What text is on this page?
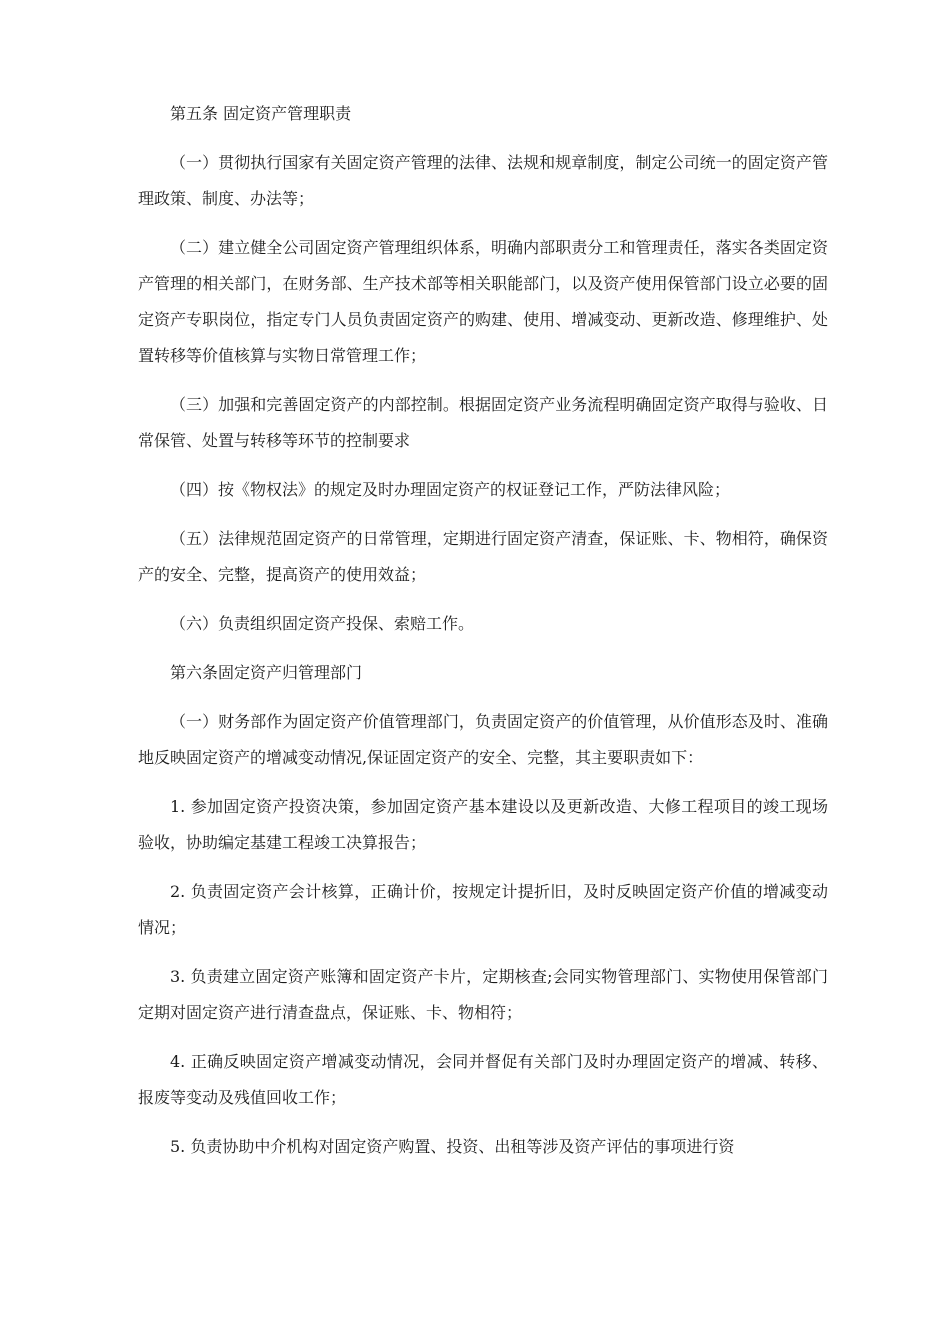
第五条 固定资产管理职责

（一）贯彻执行国家有关固定资产管理的法律、法规和规章制度，制定公司统一的固定资产管理政策、制度、办法等；

（二）建立健全公司固定资产管理组织体系，明确内部职责分工和管理责任，落实各类固定资产管理的相关部门，在财务部、生产技术部等相关职能部门，以及资产使用保管部门设立必要的固定资产专职岗位，指定专门人员负责固定资产的购建、使用、增减变动、更新改造、修理维护、处置转移等价值核算与实物日常管理工作；

（三）加强和完善固定资产的内部控制。根据固定资产业务流程明确固定资产取得与验收、日常保管、处置与转移等环节的控制要求

（四）按《物权法》的规定及时办理固定资产的权证登记工作，严防法律风险；

（五）法律规范固定资产的日常管理，定期进行固定资产清查，保证账、卡、物相符，确保资产的安全、完整，提高资产的使用效益；

（六）负责组织固定资产投保、索赔工作。

第六条固定资产归管理部门

（一）财务部作为固定资产价值管理部门，负责固定资产的价值管理，从价值形态及时、准确地反映固定资产的增减变动情况,保证固定资产的安全、完整，其主要职责如下：

1. 参加固定资产投资决策，参加固定资产基本建设以及更新改造、大修工程项目的竣工现场验收，协助编定基建工程竣工决算报告；

2. 负责固定资产会计核算，正确计价，按规定计提折旧，及时反映固定资产价值的增减变动情况；

3. 负责建立固定资产账簿和固定资产卡片，定期核查;会同实物管理部门、实物使用保管部门定期对固定资产进行清查盘点，保证账、卡、物相符；

4. 正确反映固定资产增减变动情况，会同并督促有关部门及时办理固定资产的增减、转移、报废等变动及残值回收工作；

5. 负责协助中介机构对固定资产购置、投资、出租等涉及资产评估的事项进行资
